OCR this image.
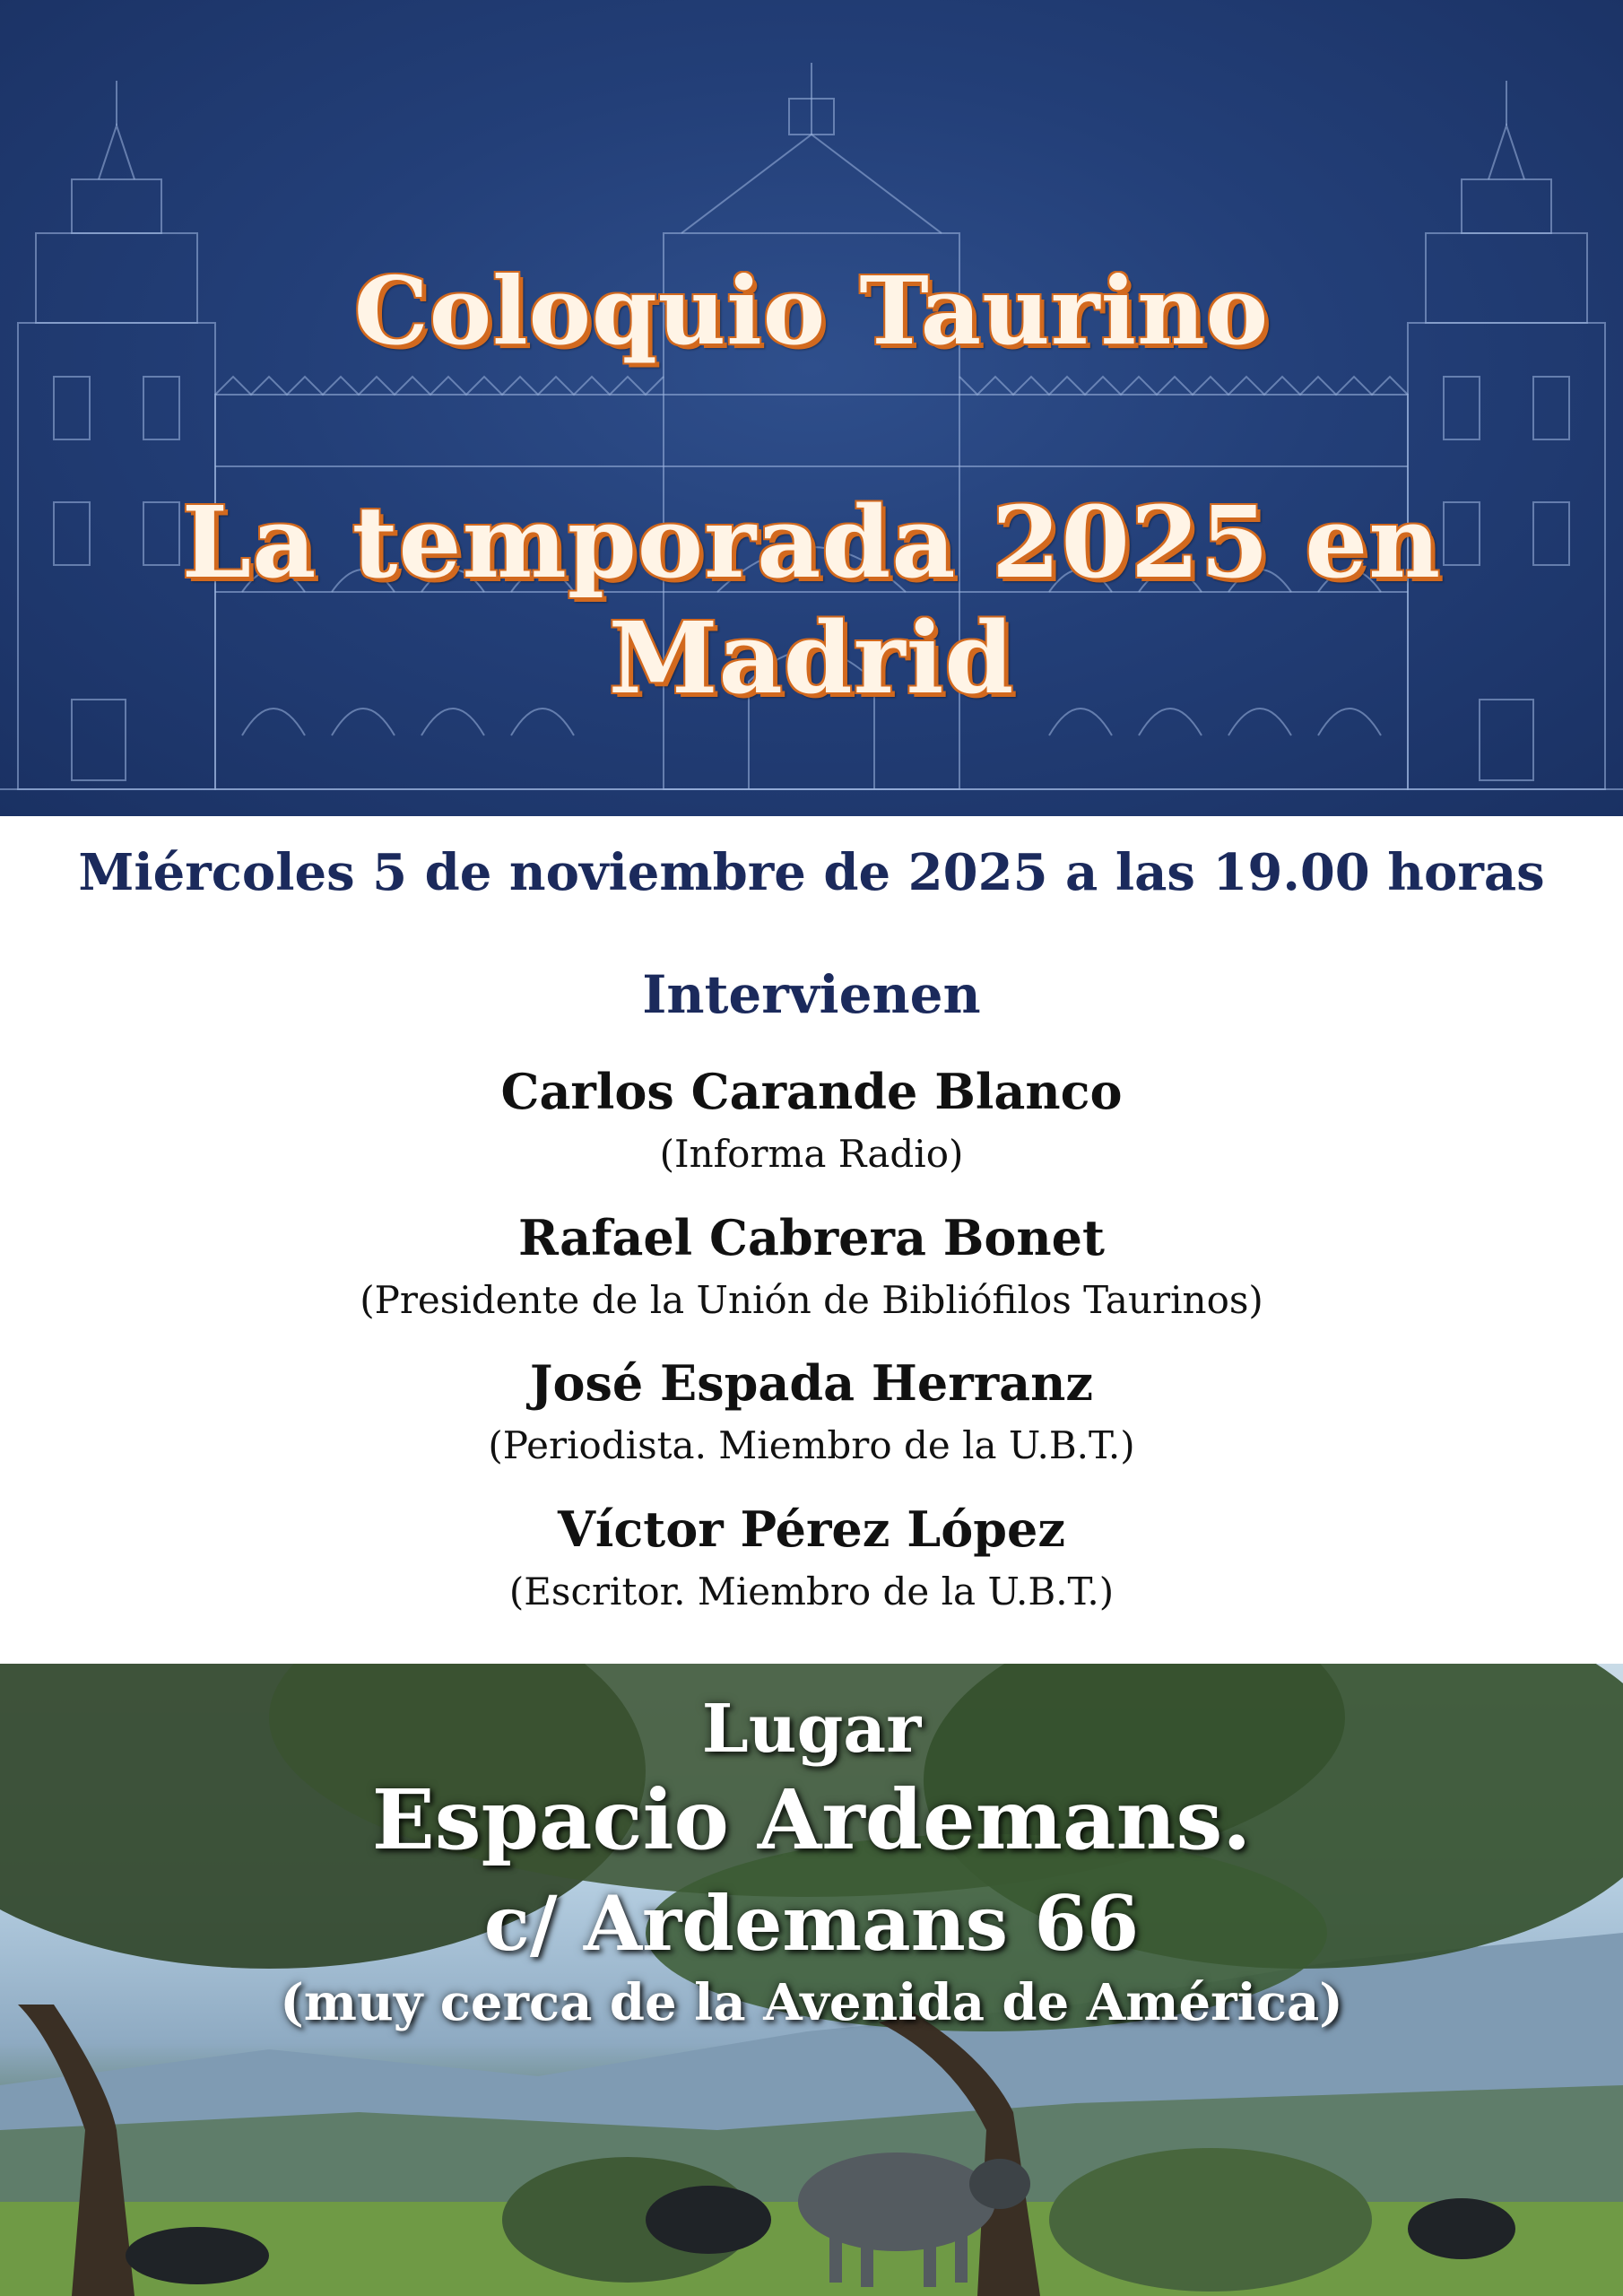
Coloquio Taurino
La temporada 2025 en Madrid
Miércoles 5 de noviembre de 2025 a las 19.00 horas
Intervienen
Carlos Carande Blanco
(Informa Radio)
Rafael Cabrera Bonet
(Presidente de la Unión de Bibliófilos Taurinos)
José Espada Herranz
(Periodista. Miembro de la U.B.T.)
Víctor Pérez López
(Escritor. Miembro de la U.B.T.)
Lugar
Espacio Ardemans.
c/ Ardemans 66
(muy cerca de la Avenida de América)
